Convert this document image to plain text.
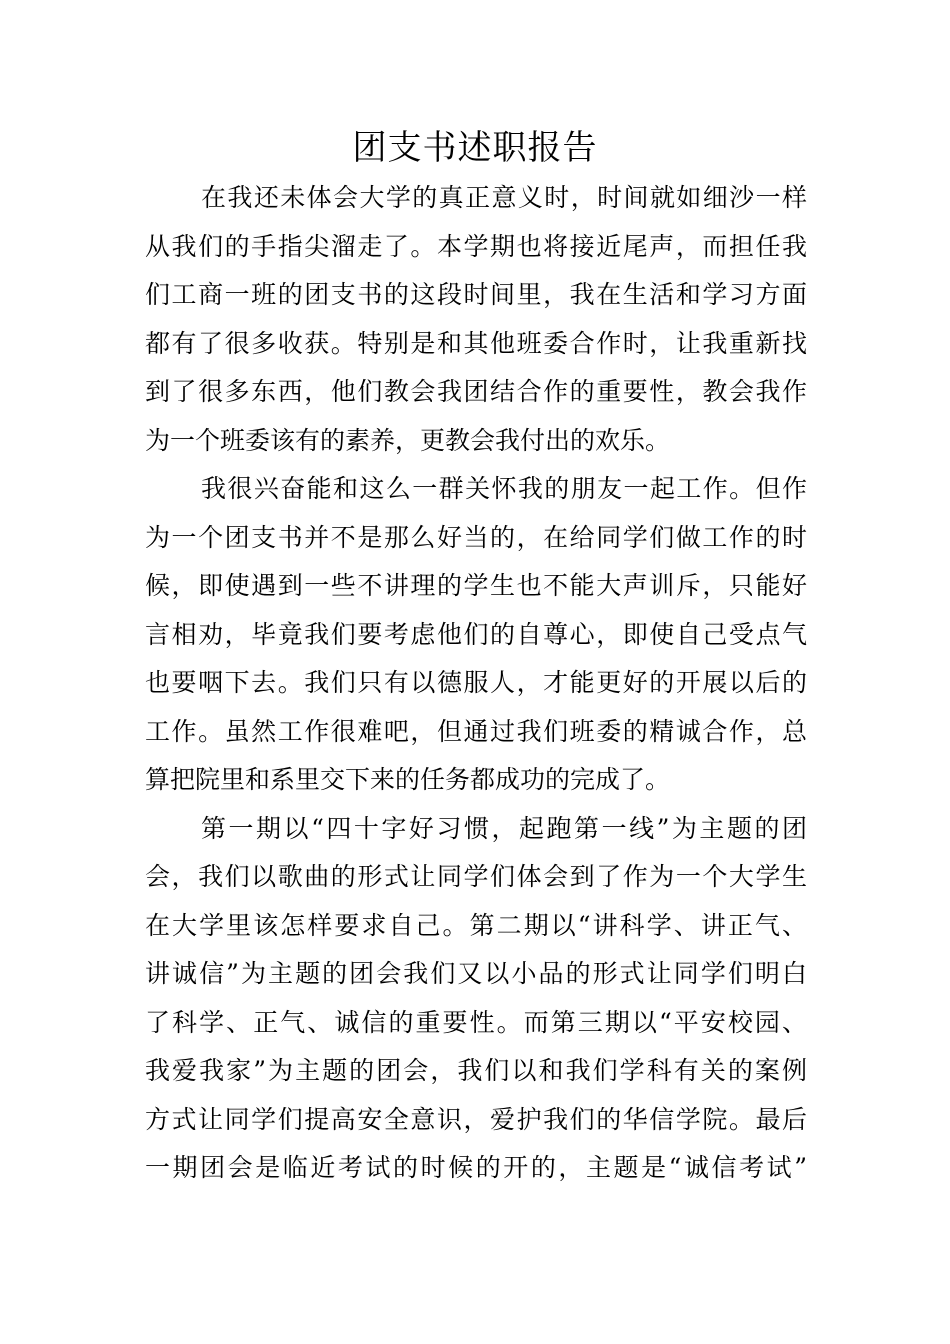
团支书述职报告
在我还未体会大学的真正意义时，时间就如细沙一样
从我们的手指尖溜走了。本学期也将接近尾声，而担任我
们工商一班的团支书的这段时间里，我在生活和学习方面
都有了很多收获。特别是和其他班委合作时，让我重新找
到了很多东西，他们教会我团结合作的重要性，教会我作
为一个班委该有的素养，更教会我付出的欢乐。
我很兴奋能和这么一群关怀我的朋友一起工作。但作
为一个团支书并不是那么好当的，在给同学们做工作的时
候，即使遇到一些不讲理的学生也不能大声训斥，只能好
言相劝，毕竟我们要考虑他们的自尊心，即使自己受点气
也要咽下去。我们只有以德服人，才能更好的开展以后的
工作。虽然工作很难吧，但通过我们班委的精诚合作，总
算把院里和系里交下来的任务都成功的完成了。
第一期以“四十字好习惯，起跑第一线”为主题的团
会，我们以歌曲的形式让同学们体会到了作为一个大学生
在大学里该怎样要求自己。第二期以“讲科学、讲正气、
讲诚信”为主题的团会我们又以小品的形式让同学们明白
了科学、正气、诚信的重要性。而第三期以“平安校园、
我爱我家”为主题的团会，我们以和我们学科有关的案例
方式让同学们提高安全意识，爱护我们的华信学院。最后
一期团会是临近考试的时候的开的，主题是“诚信考试”
